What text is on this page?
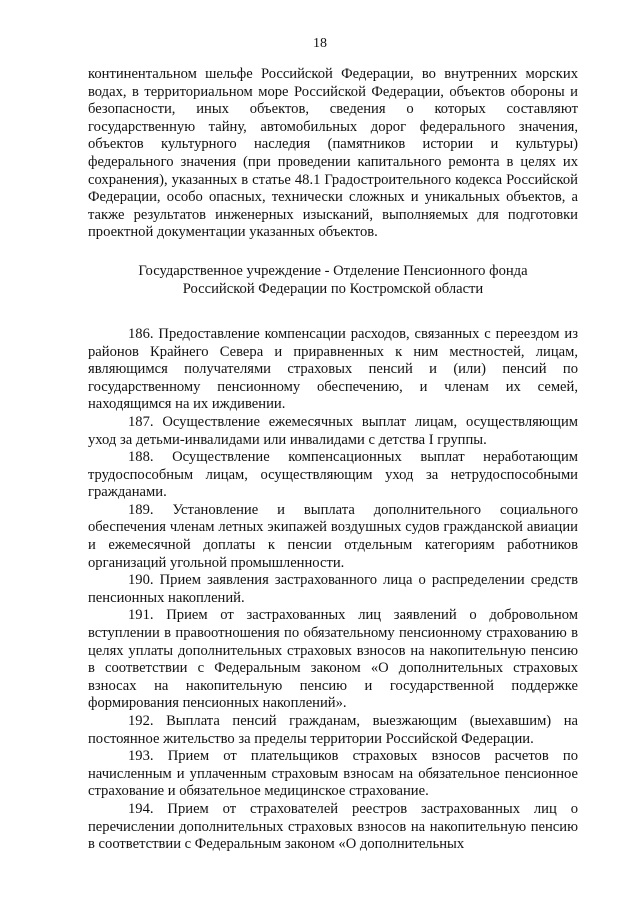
18

континентальном шельфе Российской Федерации, во внутренних морских водах, в территориальном море Российской Федерации, объектов обороны и безопасности, иных объектов, сведения о которых составляют государственную тайну, автомобильных дорог федерального значения, объектов культурного наследия (памятников истории и культуры) федерального значения (при проведении капитального ремонта в целях их сохранения), указанных в статье 48.1 Градостроительного кодекса Российской Федерации, особо опасных, технически сложных и уникальных объектов, а также результатов инженерных изысканий, выполняемых для подготовки проектной документации указанных объектов.

Государственное учреждение - Отделение Пенсионного фонда
Российской Федерации по Костромской области

186. Предоставление компенсации расходов, связанных с переездом из районов Крайнего Севера и приравненных к ним местностей, лицам, являющимся получателями страховых пенсий и (или) пенсий по государственному пенсионному обеспечению, и членам их семей, находящимся на их иждивении.

187. Осуществление ежемесячных выплат лицам, осуществляющим уход за детьми-инвалидами или инвалидами с детства I группы.

188. Осуществление компенсационных выплат неработающим трудоспособным лицам, осуществляющим уход за нетрудоспособными гражданами.

189. Установление и выплата дополнительного социального обеспечения членам летных экипажей воздушных судов гражданской авиации и ежемесячной доплаты к пенсии отдельным категориям работников организаций угольной промышленности.

190. Прием заявления застрахованного лица о распределении средств пенсионных накоплений.

191. Прием от застрахованных лиц заявлений о добровольном вступлении в правоотношения по обязательному пенсионному страхованию в целях уплаты дополнительных страховых взносов на накопительную пенсию в соответствии с Федеральным законом «О дополнительных страховых взносах на накопительную пенсию и государственной поддержке формирования пенсионных накоплений».

192. Выплата пенсий гражданам, выезжающим (выехавшим) на постоянное жительство за пределы территории Российской Федерации.

193. Прием от плательщиков страховых взносов расчетов по начисленным и уплаченным страховым взносам на обязательное пенсионное страхование и обязательное медицинское страхование.

194. Прием от страхователей реестров застрахованных лиц о перечислении дополнительных страховых взносов на накопительную пенсию в соответствии с Федеральным законом «О дополнительных
